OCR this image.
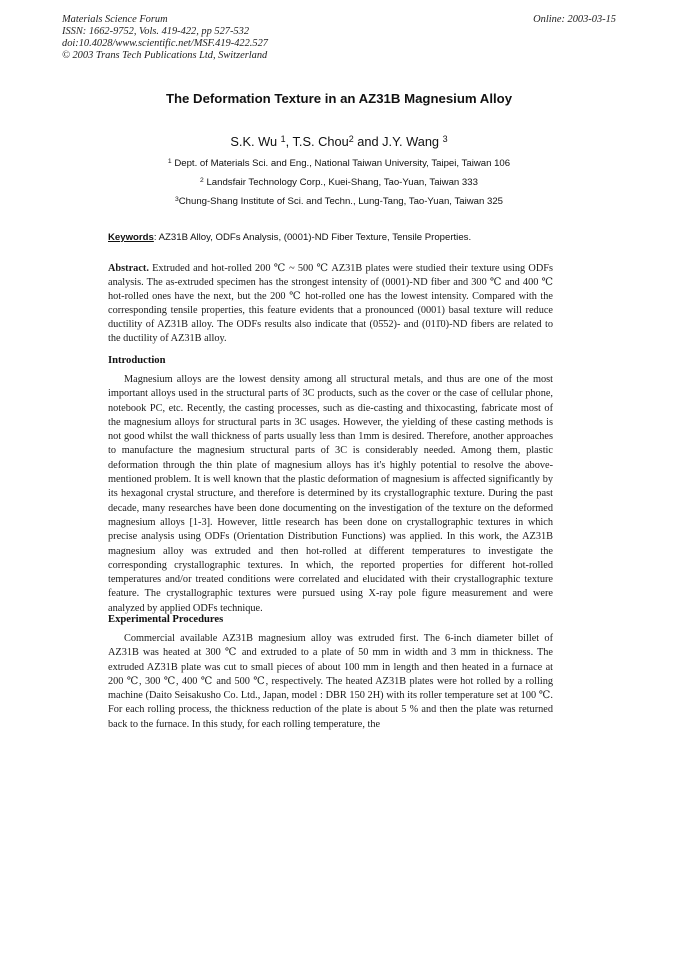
Materials Science Forum
ISSN: 1662-9752, Vols. 419-422, pp 527-532
doi:10.4028/www.scientific.net/MSF.419-422.527
© 2003 Trans Tech Publications Ltd, Switzerland
Online: 2003-03-15
The Deformation Texture in an AZ31B Magnesium Alloy
S.K. Wu $^1$, T.S. Chou$^2$ and J.Y. Wang $^3$
$^1$ Dept. of Materials Sci. and Eng., National Taiwan University, Taipei, Taiwan 106
$^2$ Landsfair Technology Corp., Kuei-Shang, Tao-Yuan, Taiwan 333
$^3$Chung-Shang Institute of Sci. and Techn., Lung-Tang, Tao-Yuan, Taiwan 325
Keywords: AZ31B Alloy, ODFs Analysis, (0001)-ND Fiber Texture, Tensile Properties.

Abstract. Extruded and hot-rolled 200 ℃ ~ 500 ℃ AZ31B plates were studied their texture using ODFs analysis. The as-extruded specimen has the strongest intensity of (0001)-ND fiber and 300 ℃ and 400 ℃ hot-rolled ones have the next, but the 200 ℃ hot-rolled one has the lowest intensity. Compared with the corresponding tensile properties, this feature evidents that a pronounced (0001) basal texture will reduce ductility of AZ31B alloy. The ODFs results also indicate that (05̄52)- and (011̄0)-ND fibers are related to the ductility of AZ31B alloy.

Introduction

Magnesium alloys are the lowest density among all structural metals, and thus are one of the most important alloys used in the structural parts of 3C products, such as the cover or the case of cellular phone, notebook PC, etc. Recently, the casting processes, such as die-casting and thixocasting, fabricate most of the magnesium alloys for structural parts in 3C usages. However, the yielding of these casting methods is not good whilst the wall thickness of parts usually less than 1mm is desired. Therefore, another approaches to manufacture the magnesium structural parts of 3C is considerably needed. Among them, plastic deformation through the thin plate of magnesium alloys has it's highly potential to resolve the above-mentioned problem. It is well known that the plastic deformation of magnesium is affected significantly by its hexagonal crystal structure, and therefore is determined by its crystallographic texture. During the past decade, many researches have been done documenting on the investigation of the texture on the deformed magnesium alloys [1-3]. However, little research has been done on crystallographic textures in which precise analysis using ODFs (Orientation Distribution Functions) was applied. In this work, the AZ31B magnesium alloy was extruded and then hot-rolled at different temperatures to investigate the corresponding crystallographic textures. In which, the reported properties for different hot-rolled temperatures and/or treated conditions were correlated and elucidated with their crystallographic texture feature. The crystallographic textures were pursued using X-ray pole figure measurement and were analyzed by applied ODFs technique.

Experimental Procedures

Commercial available AZ31B magnesium alloy was extruded first. The 6-inch diameter billet of AZ31B was heated at 300 ℃ and extruded to a plate of 50 mm in width and 3 mm in thickness. The extruded AZ31B plate was cut to small pieces of about 100 mm in length and then heated in a furnace at 200 ℃, 300 ℃, 400 ℃ and 500 ℃, respectively. The heated AZ31B plates were hot rolled by a rolling machine (Daito Seisakusho Co. Ltd., Japan, model : DBR 150 2H) with its roller temperature set at 100 ℃. For each rolling process, the thickness reduction of the plate is about 5 % and then the plate was returned back to the furnace. In this study, for each rolling temperature, the
